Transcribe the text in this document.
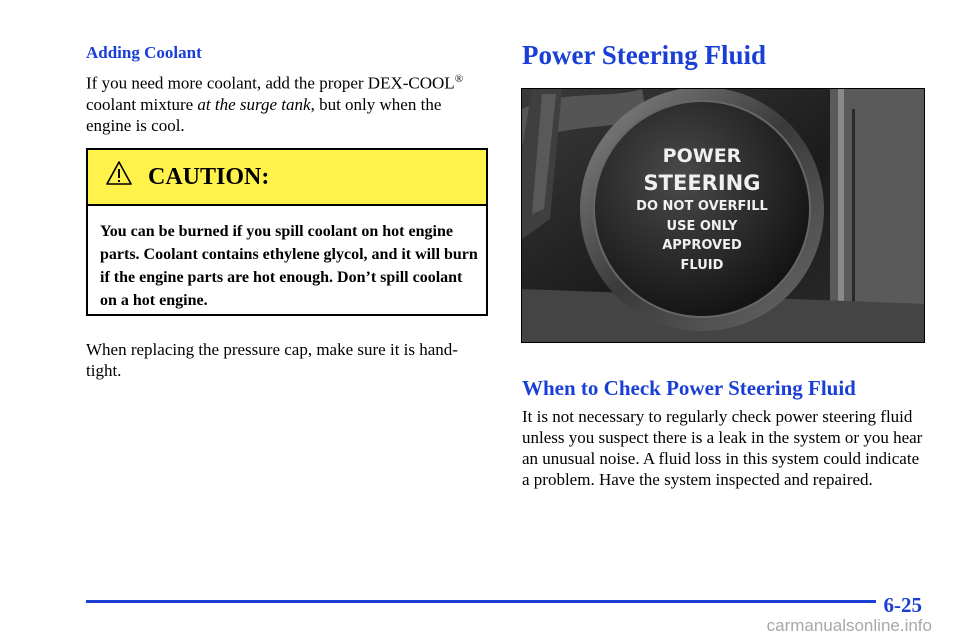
Adding Coolant
If you need more coolant, add the proper DEX-COOL® coolant mixture at the surge tank, but only when the engine is cool.
CAUTION:
You can be burned if you spill coolant on hot engine parts. Coolant contains ethylene glycol, and it will burn if the engine parts are hot enough. Don’t spill coolant on a hot engine.
When replacing the pressure cap, make sure it is hand-tight.
Power Steering Fluid
POWER
STEERING
DO NOT OVERFILL
USE ONLY
APPROVED
FLUID
When to Check Power Steering Fluid
It is not necessary to regularly check power steering fluid unless you suspect there is a leak in the system or you hear an unusual noise. A fluid loss in this system could indicate a problem. Have the system inspected and repaired.
6-25
carmanualsonline.info
